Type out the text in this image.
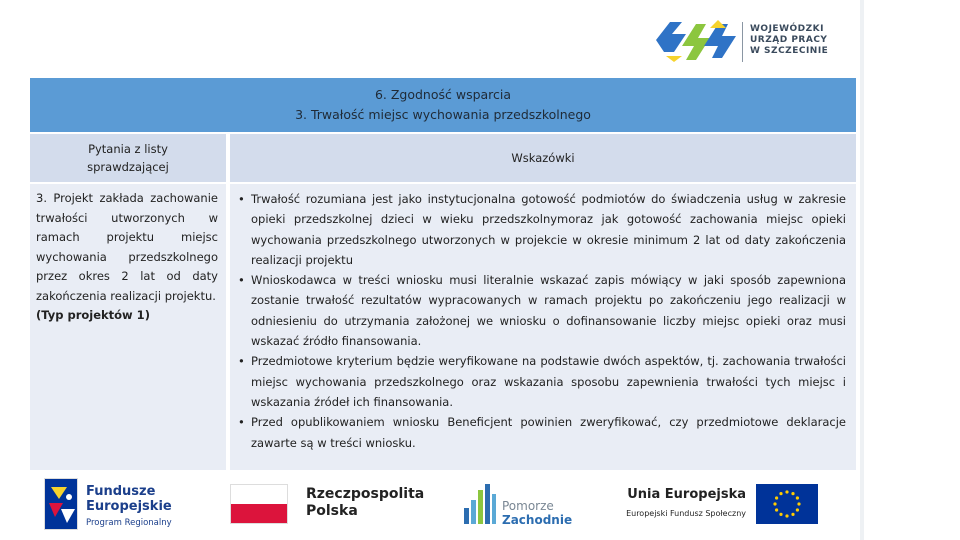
WOJEWÓDZKI
URZĄD PRACY
W SZCZECINIE
6. Zgodność wsparcia
3. Trwałość miejsc wychowania przedszkolnego
Pytania z listy
sprawdzającej
Wskazówki
3. Projekt zakłada zachowanie trwałości utworzonych w ramach projektu miejsc wychowania przedszkolnego przez okres 2 lat od daty zakończenia realizacji projektu.
(Typ projektów 1)
• Trwałość rozumiana jest jako instytucjonalna gotowość podmiotów do świadczenia usług w zakresie opieki przedszkolnej dzieci w wieku przedszkolnymoraz jak gotowość zachowania miejsc opieki wychowania przedszkolnego utworzonych w projekcie w okresie minimum 2 lat od daty zakończenia realizacji projektu
• Wnioskodawca w treści wniosku musi literalnie wskazać zapis mówiący w jaki sposób zapewniona zostanie trwałość rezultatów wypracowanych w ramach projektu po zakończeniu jego realizacji w odniesieniu do utrzymania założonej we wniosku o dofinansowanie liczby miejsc opieki oraz musi wskazać źródło finansowania.
• Przedmiotowe kryterium będzie weryfikowane na podstawie dwóch aspektów, tj. zachowania trwałości miejsc wychowania przedszkolnego oraz wskazania sposobu zapewnienia trwałości tych miejsc i wskazania źródeł ich finansowania.
• Przed opublikowaniem wniosku Beneficjent powinien zweryfikować, czy przedmiotowe deklaracje zawarte są w treści wniosku.
Fundusze
Europejskie
Program Regionalny
Rzeczpospolita
Polska	Pomorze
Zachodnie
Unia Europejska
Europejski Fundusz Społeczny
